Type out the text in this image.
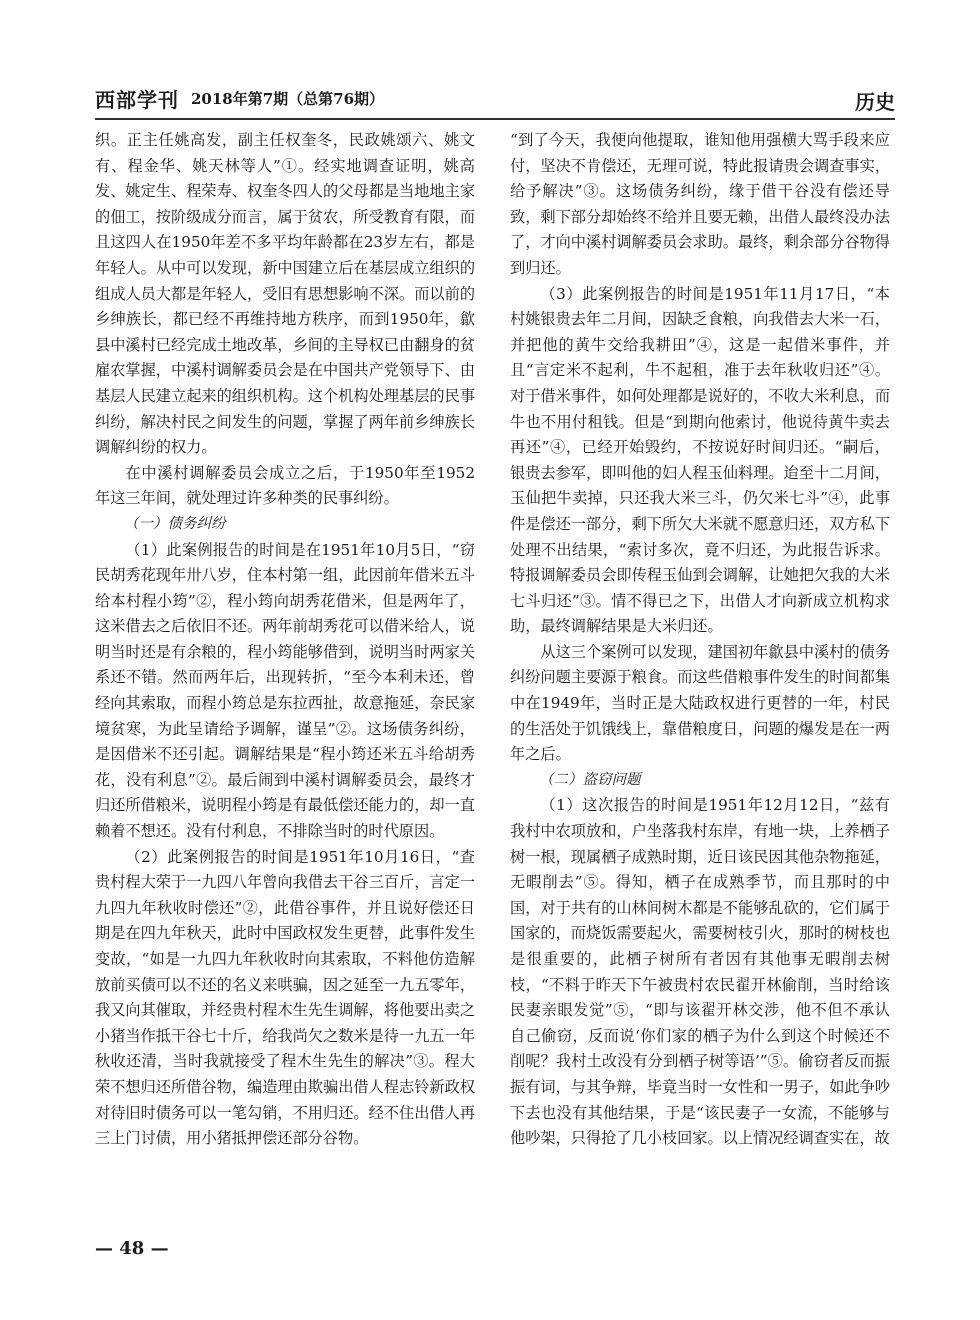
西部学刊 2018年第7期（总第76期）	历史

织。正主任姚高发，副主任权奎冬，民政姚颂六、姚文有、程金华、姚天林等人”①。经实地调查证明，姚高发、姚定生、程荣寿、权奎冬四人的父母都是当地地主家的佃工，按阶级成分而言，属于贫农，所受教育有限，而且这四人在1950年差不多平均年龄都在23岁左右，都是年轻人。从中可以发现，新中国建立后在基层成立组织的组成人员大都是年轻人，受旧有思想影响不深。而以前的乡绅族长，都已经不再维持地方秩序，而到1950年，歙县中溪村已经完成土地改革，乡间的主导权已由翻身的贫雇农掌握，中溪村调解委员会是在中国共产党领导下、由基层人民建立起来的组织机构。这个机构处理基层的民事纠纷，解决村民之间发生的问题，掌握了两年前乡绅族长调解纠纷的权力。

在中溪村调解委员会成立之后，于1950年至1952年这三年间，就处理过许多种类的民事纠纷。

（一）债务纠纷

（1）此案例报告的时间是在1951年10月5日，“窃民胡秀花现年卅八岁，住本村第一组，此因前年借米五斗给本村程小筠”②，程小筠向胡秀花借米，但是两年了，这米借去之后依旧不还。两年前胡秀花可以借米给人，说明当时还是有余粮的，程小筠能够借到，说明当时两家关系还不错。然而两年后，出现转折，“至今本利未还，曾经向其索取，而程小筠总是东拉西扯，故意拖延，奈民家境贫寒，为此呈请给予调解，谨呈”②。这场债务纠纷，是因借米不还引起。调解结果是“程小筠还米五斗给胡秀花，没有利息”②。最后闹到中溪村调解委员会，最终才归还所借粮米，说明程小筠是有最低偿还能力的，却一直赖着不想还。没有付利息，不排除当时的时代原因。

（2）此案例报告的时间是1951年10月16日，“查贵村程大荣于一九四八年曾向我借去干谷三百斤，言定一九四九年秋收时偿还”②，此借谷事件，并且说好偿还日期是在四九年秋天，此时中国政权发生更替，此事件发生变故，“如是一九四九年秋收时向其索取，不料他仿造解放前买债可以不还的名义来哄骗，因之延至一九五零年，我又向其催取，并经贵村程木生先生调解，将他要出卖之小猪当作抵干谷七十斤，给我尚欠之数米是待一九五一年秋收还清，当时我就接受了程木生先生的解决”③。程大荣不想归还所借谷物，编造理由欺骗出借人程志铃新政权对待旧时债务可以一笔勾销，不用归还。经不住出借人再三上门讨债，用小猪抵押偿还部分谷物。

“到了今天，我便向他提取，谁知他用强横大骂手段来应付，坚决不肯偿还，无理可说，特此报请贵会调查事实，给予解决”③。这场债务纠纷，缘于借干谷没有偿还导致，剩下部分却始终不给并且要无赖，出借人最终没办法了，才向中溪村调解委员会求助。最终，剩余部分谷物得到归还。

（3）此案例报告的时间是1951年11月17日，“本村姚银贵去年二月间，因缺乏食粮，向我借去大米一石，并把他的黄牛交给我耕田”④，这是一起借米事件，并且“言定米不起利，牛不起租，准于去年秋收归还”④。对于借米事件，如何处理都是说好的，不收大米利息，而牛也不用付租钱。但是“到期向他索讨，他说待黄牛卖去再还”④，已经开始毁约，不按说好时间归还。“嗣后，银贵去参军，即叫他的妇人程玉仙料理。迨至十二月间，玉仙把牛卖掉，只还我大米三斗，仍欠米七斗”④，此事件是偿还一部分，剩下所欠大米就不愿意归还，双方私下处理不出结果，“索讨多次，竟不归还，为此报告诉求。特报调解委员会即传程玉仙到会调解，让她把欠我的大米七斗归还”③。情不得已之下，出借人才向新成立机构求助，最终调解结果是大米归还。

从这三个案例可以发现，建国初年歙县中溪村的债务纠纷问题主要源于粮食。而这些借粮事件发生的时间都集中在1949年，当时正是大陆政权进行更替的一年，村民的生活处于饥饿线上，靠借粮度日，问题的爆发是在一两年之后。

（二）盗窃问题

（1）这次报告的时间是1951年12月12日，“兹有我村中农项放和，户坐落我村东岸，有地一块，上养栖子树一根，现属栖子成熟时期，近日该民因其他杂物拖延，无暇削去”⑤。得知，栖子在成熟季节，而且那时的中国，对于共有的山林间树木都是不能够乱砍的，它们属于国家的，而烧饭需要起火，需要树枝引火，那时的树枝也是很重要的，此栖子树所有者因有其他事无暇削去树枝，“不料于昨天下午被贵村农民翟开林偷削，当时给该民妻亲眼发觉”⑤，“即与该翟开林交涉，他不但不承认自己偷窃，反而说‘你们家的栖子为什么到这个时候还不削呢？我村土改没有分到栖子树等语’”⑤。偷窃者反而振振有词，与其争辩，毕竟当时一女性和一男子，如此争吵下去也没有其他结果，于是“该民妻子一女流，不能够与他吵架，只得抢了几小枝回家。以上情况经调查实在，故

— 48 —
